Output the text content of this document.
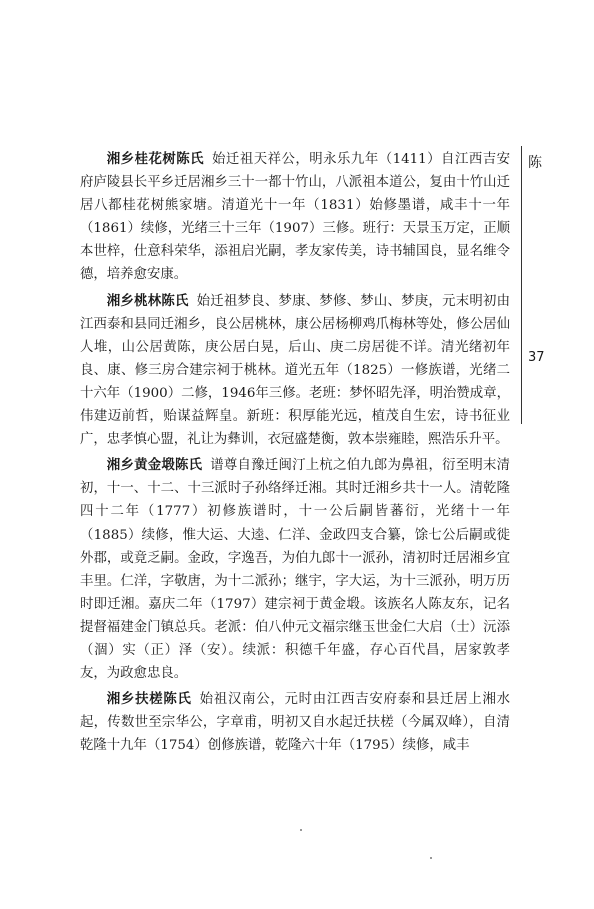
湘乡桂花树陈氏 始迁祖天祥公，明永乐九年（1411）自江西吉安府庐陵县长平乡迁居湘乡三十一都十竹山，八派祖本道公，复由十竹山迁居八都桂花树熊家塘。清道光十一年（1831）始修墨谱，咸丰十一年（1861）续修，光绪三十三年（1907）三修。班行：天景玉万定，正顺本世梓，仕意科荣华，添祖启光嗣，孝友家传美，诗书辅国良，显名维令德，培养愈安康。

湘乡桃林陈氏 始迁祖梦良、梦康、梦修、梦山、梦庚，元末明初由江西泰和县同迁湘乡，良公居桃林，康公居杨柳鸡爪梅林等处，修公居仙人堆，山公居黄陈，庚公居白晃，后山、庚二房居徙不详。清光绪初年良、康、修三房合建宗祠于桃林。道光五年（1825）一修族谱，光绪二十六年（1900）二修，1946年三修。老班：梦怀昭先泽，明治赞成章，伟建迈前哲，贻谋益辉皇。新班：积厚能光远，植茂自生宏，诗书征业广，忠孝慎心盟，礼让为彝训，衣冠盛楚衡，敦本崇雍睦，熙浩乐升平。

湘乡黄金塅陈氏 谱尊自豫迁闽汀上杭之伯九郎为鼻祖，衍至明末清初，十一、十二、十三派时子孙络绎迁湘。其时迁湘乡共十一人。清乾隆四十二年（1777）初修族谱时，十一公后嗣皆蕃衍，光绪十一年（1885）续修，惟大运、大逵、仁洋、金政四支合纂，馀七公后嗣或徙外郡，或竟乏嗣。金政，字逸吾，为伯九郎十一派孙，清初时迁居湘乡宜丰里。仁洋，字敬唐，为十二派孙；继宇，字大运，为十三派孙，明万历时即迁湘。嘉庆二年（1797）建宗祠于黄金塅。该族名人陈友东，记名提督福建金门镇总兵。老派：伯八仲元文福宗继玉世金仁大启（士）沅添（涸）实（正）泽（安）。续派：积德千年盛，存心百代昌，居家敦孝友，为政愈忠良。

湘乡扶槎陈氏 始祖汉南公，元时由江西吉安府泰和县迁居上湘水起，传数世至宗华公，字章甫，明初又自水起迁扶槎（今属双峰），自清乾隆十九年（1754）创修族谱，乾隆六十年（1795）续修，咸丰

陈
37
